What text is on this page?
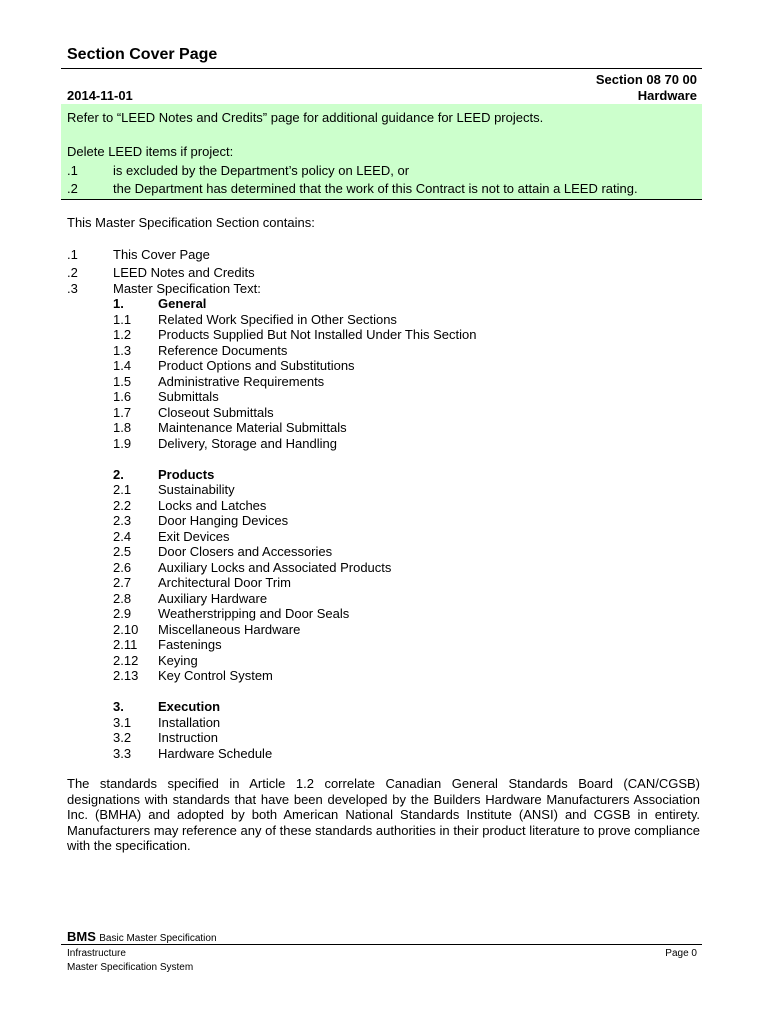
Section Cover Page
2014-11-01
Section 08 70 00
Hardware
Refer to “LEED Notes and Credits” page for additional guidance for LEED projects.
Delete LEED items if project:
.1	is excluded by the Department’s policy on LEED, or
.2	the Department has determined that the work of this Contract is not to attain a LEED rating.
This Master Specification Section contains:
.1	This Cover Page
.2	LEED Notes and Credits
.3	Master Specification Text:
1.	General
1.1 Related Work Specified in Other Sections
1.2 Products Supplied But Not Installed Under This Section
1.3 Reference Documents
1.4 Product Options and Substitutions
1.5 Administrative Requirements
1.6 Submittals
1.7 Closeout Submittals
1.8 Maintenance Material Submittals
1.9 Delivery, Storage and Handling
2.	Products
2.1 Sustainability
2.2 Locks and Latches
2.3 Door Hanging Devices
2.4 Exit Devices
2.5 Door Closers and Accessories
2.6 Auxiliary Locks and Associated Products
2.7 Architectural Door Trim
2.8 Auxiliary Hardware
2.9 Weatherstripping and Door Seals
2.10 Miscellaneous Hardware
2.11 Fastenings
2.12 Keying
2.13 Key Control System
3.	Execution
3.1 Installation
3.2 Instruction
3.3 Hardware Schedule
The standards specified in Article 1.2 correlate Canadian General Standards Board (CAN/CGSB) designations with standards that have been developed by the Builders Hardware Manufacturers Association Inc. (BMHA) and adopted by both American National Standards Institute (ANSI) and CGSB in entirety. Manufacturers may reference any of these standards authorities in their product literature to prove compliance with the specification.
BMS Basic Master Specification
Infrastructure
Master Specification System
Page 0
